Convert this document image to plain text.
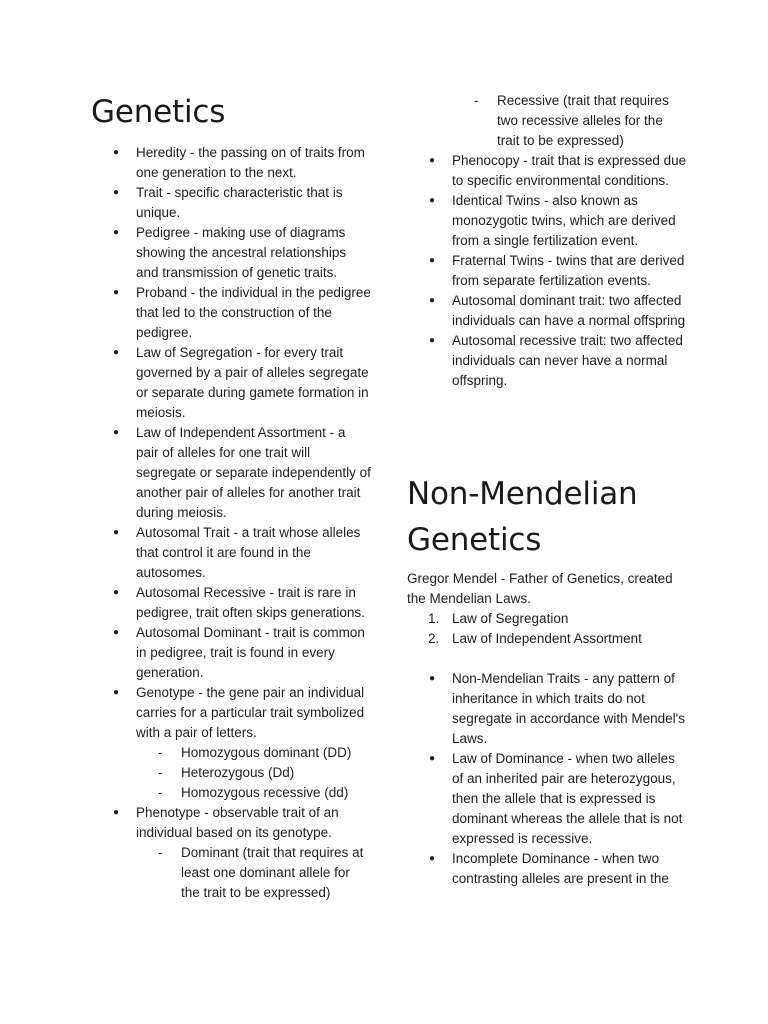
Genetics
● Heredity - the passing on of traits from one generation to the next.
● Trait - specific characteristic that is unique.
● Pedigree - making use of diagrams showing the ancestral relationships and transmission of genetic traits.
● Proband - the individual in the pedigree that led to the construction of the pedigree.
● Law of Segregation - for every trait governed by a pair of alleles segregate or separate during gamete formation in meiosis.
● Law of Independent Assortment - a pair of alleles for one trait will segregate or separate independently of another pair of alleles for another trait during meiosis.
● Autosomal Trait - a trait whose alleles that control it are found in the autosomes.
● Autosomal Recessive - trait is rare in pedigree, trait often skips generations.
● Autosomal Dominant - trait is common in pedigree, trait is found in every generation.
● Genotype - the gene pair an individual carries for a particular trait symbolized with a pair of letters.
- Homozygous dominant (DD)
- Heterozygous (Dd)
- Homozygous recessive (dd)
● Phenotype - observable trait of an individual based on its genotype.
- Dominant (trait that requires at least one dominant allele for the trait to be expressed)
- Recessive (trait that requires two recessive alleles for the trait to be expressed)
● Phenocopy - trait that is expressed due to specific environmental conditions.
● Identical Twins - also known as monozygotic twins, which are derived from a single fertilization event.
● Fraternal Twins - twins that are derived from separate fertilization events.
● Autosomal dominant trait: two affected individuals can have a normal offspring
● Autosomal recessive trait: two affected individuals can never have a normal offspring.
Non-Mendelian Genetics

Gregor Mendel - Father of Genetics, created the Mendelian Laws.

1. Law of Segregation
2. Law of Independent Assortment
● Non-Mendelian Traits - any pattern of inheritance in which traits do not segregate in accordance with Mendel's Laws.
● Law of Dominance - when two alleles of an inherited pair are heterozygous, then the allele that is expressed is dominant whereas the allele that is not expressed is recessive.
● Incomplete Dominance - when two contrasting alleles are present in the
